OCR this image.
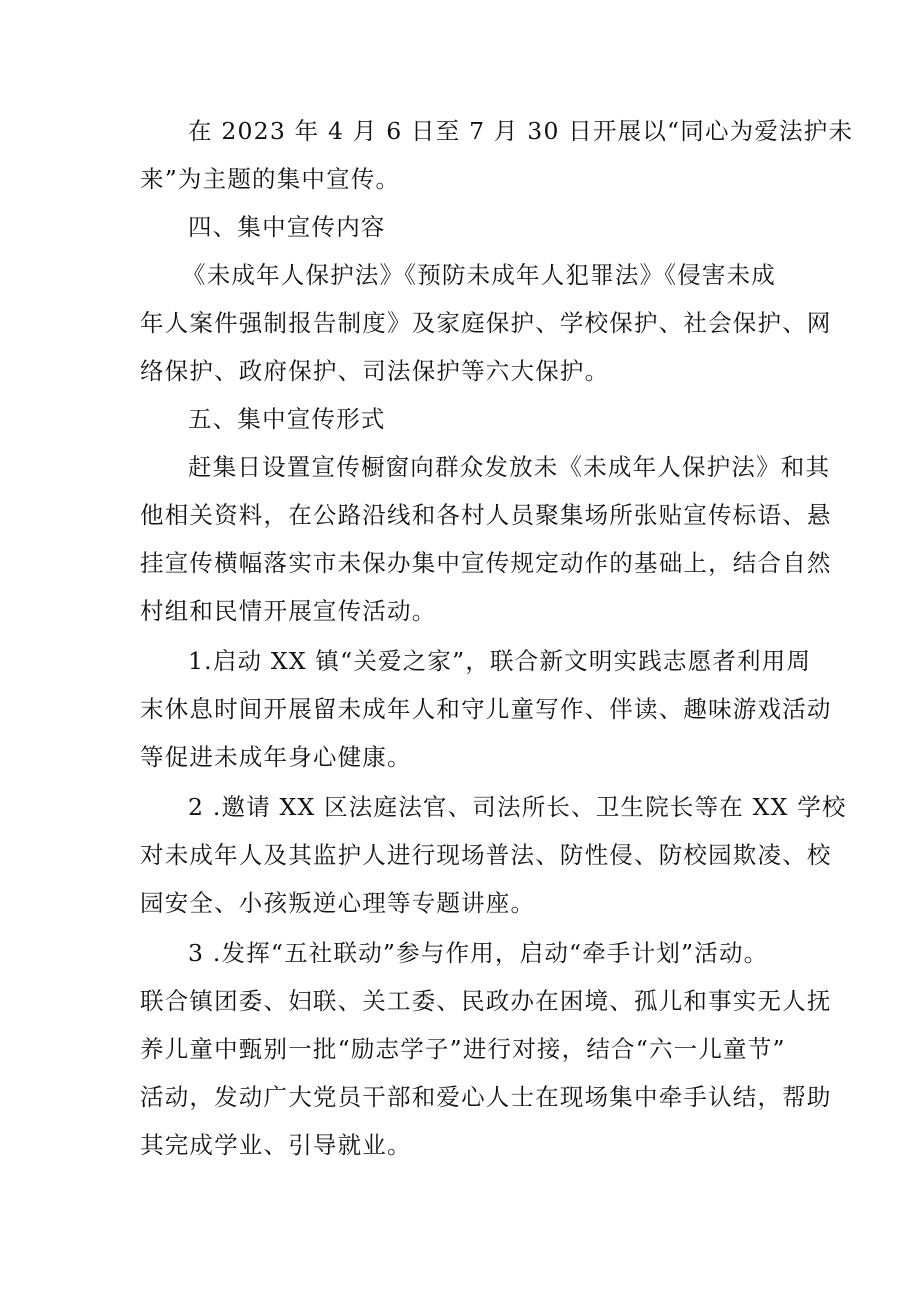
在 2023 年 4 月 6 日至 7 月 30 日开展以“同心为爱法护未
来”为主题的集中宣传。
四、集中宣传内容
《未成年人保护法》《预防未成年人犯罪法》《侵害未成
年人案件强制报告制度》及家庭保护、学校保护、社会保护、网
络保护、政府保护、司法保护等六大保护。
五、集中宣传形式
赶集日设置宣传橱窗向群众发放未《未成年人保护法》和其
他相关资料，在公路沿线和各村人员聚集场所张贴宣传标语、悬
挂宣传横幅落实市未保办集中宣传规定动作的基础上，结合自然
村组和民情开展宣传活动。
1.启动 XX 镇“关爱之家”，联合新文明实践志愿者利用周
末休息时间开展留未成年人和守儿童写作、伴读、趣味游戏活动
等促进未成年身心健康。
2 .邀请 XX 区法庭法官、司法所长、卫生院长等在 XX 学校
对未成年人及其监护人进行现场普法、防性侵、防校园欺凌、校
园安全、小孩叛逆心理等专题讲座。
3 .发挥“五社联动”参与作用，启动“牵手计划”活动。
联合镇团委、妇联、关工委、民政办在困境、孤儿和事实无人抚
养儿童中甄别一批“励志学子”进行对接，结合“六一儿童节”
活动，发动广大党员干部和爱心人士在现场集中牵手认结，帮助
其完成学业、引导就业。
